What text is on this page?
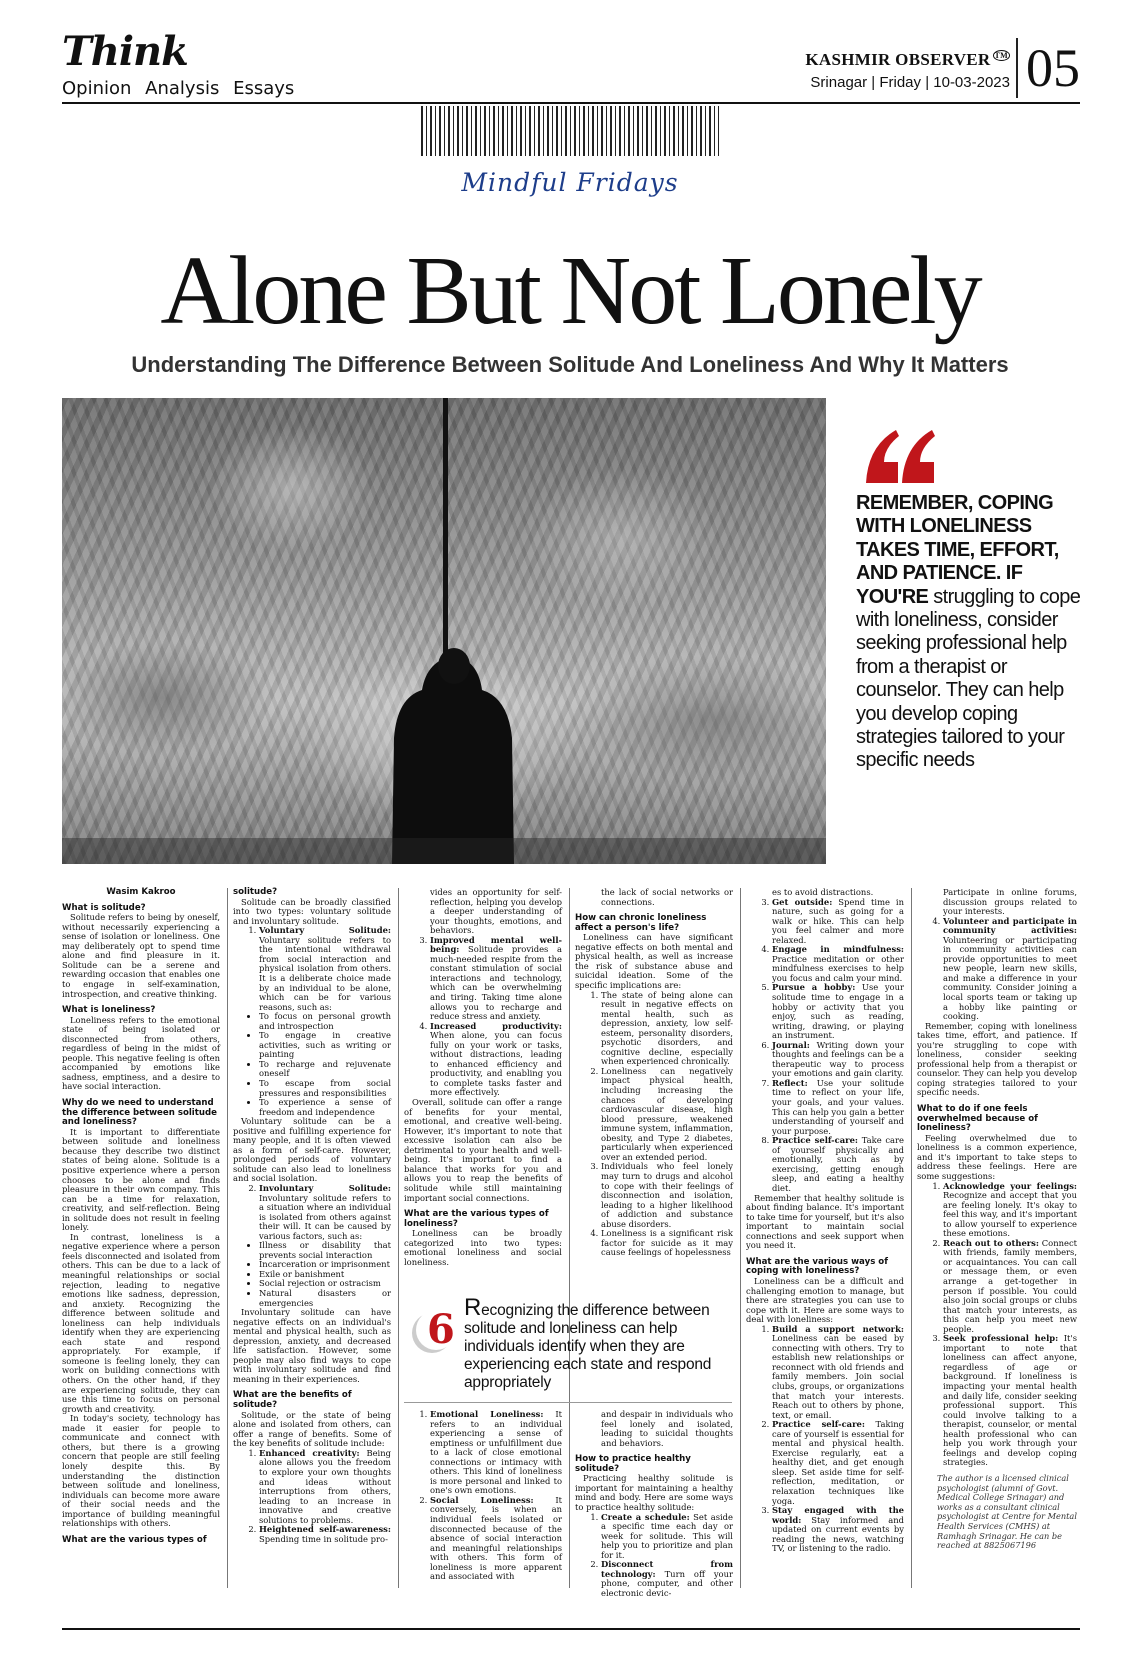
Think
Opinion Analysis Essays
KASHMIR OBSERVER ™
Srinagar | Friday | 10-03-2023 05
Mindful Fridays
Alone But Not Lonely
Understanding The Difference Between Solitude And Loneliness And Why It Matters
REMEMBER, COPING WITH LONELINESS TAKES TIME, EFFORT, AND PATIENCE. IF YOU'RE struggling to cope with loneliness, consider seeking professional help from a therapist or counselor. They can help you develop coping strategies tailored to your specific needs
Wasim Kakroo
What is solitude?

Solitude refers to being by oneself, without necessarily experiencing a sense of isolation or loneliness. One may deliberately opt to spend time alone and find pleasure in it. Solitude can be a serene and rewarding occasion that enables one to engage in self-examination, introspection, and creative thinking.

What is loneliness?

Loneliness refers to the emotional state of being isolated or disconnected from others, regardless of being in the midst of people. This negative feeling is often accompanied by emotions like sadness, emptiness, and a desire to have social interaction.

Why do we need to understand the difference between solitude and loneliness?

It is important to differentiate between solitude and loneliness because they describe two distinct states of being alone. Solitude is a positive experience where a person chooses to be alone and finds pleasure in their own company. This can be a time for relaxation, creativity, and self-reflection. Being in solitude does not result in feeling lonely.

In contrast, loneliness is a negative experience where a person feels disconnected and isolated from others. This can be due to a lack of meaningful relationships or social rejection, leading to negative emotions like sadness, depression, and anxiety. Recognizing the difference between solitude and loneliness can help individuals identify when they are experiencing each state and respond appropriately. For example, if someone is feeling lonely, they can work on building connections with others. On the other hand, if they are experiencing solitude, they can use this time to focus on personal growth and creativity.

In today's society, technology has made it easier for people to communicate and connect with others, but there is a growing concern that people are still feeling lonely despite this. By understanding the distinction between solitude and loneliness, individuals can become more aware of their social needs and the importance of building meaningful relationships with others.

What are the various types of
solitude?

Solitude can be broadly classified into two types: voluntary solitude and involuntary solitude.

1. Voluntary Solitude: Voluntary solitude refers to the intentional withdrawal from social interaction and physical isolation from others. It is a deliberate choice made by an individual to be alone, which can be for various reasons, such as:
• To focus on personal growth and introspection
• To engage in creative activities, such as writing or painting
• To recharge and rejuvenate oneself
• To escape from social pressures and responsibilities
• To experience a sense of freedom and independence

Voluntary solitude can be a positive and fulfilling experience for many people, and it is often viewed as a form of self-care. However, prolonged periods of voluntary solitude can also lead to loneliness and social isolation.

2. Involuntary Solitude: Involuntary solitude refers to a situation where an individual is isolated from others against their will. It can be caused by various factors, such as:
• Illness or disability that prevents social interaction
• Incarceration or imprisonment
• Exile or banishment
• Social rejection or ostracism
• Natural disasters or emergencies

Involuntary solitude can have negative effects on an individual's mental and physical health, such as depression, anxiety, and decreased life satisfaction. However, some people may also find ways to cope with involuntary solitude and find meaning in their experiences.

What are the benefits of solitude?

Solitude, or the state of being alone and isolated from others, can offer a range of benefits. Some of the key benefits of solitude include:

1. Enhanced creativity: Being alone allows you the freedom to explore your own thoughts and ideas without interruptions from others, leading to an increase in innovative and creative solutions to problems.
2. Heightened self-awareness: Spending time in solitude pro-

vides an opportunity for self-reflection, helping you develop a deeper understanding of your thoughts, emotions, and behaviors.

3. Improved mental well-being: Solitude provides a much-needed respite from the constant stimulation of social interactions and technology, which can be overwhelming and tiring. Taking time alone allows you to recharge and reduce stress and anxiety.
4. Increased productivity: When alone, you can focus fully on your work or tasks, without distractions, leading to enhanced efficiency and productivity, and enabling you to complete tasks faster and more effectively.

Overall, solitude can offer a range of benefits for your mental, emotional, and creative well-being. However, it's important to note that excessive isolation can also be detrimental to your health and well-being. It's important to find a balance that works for you and allows you to reap the benefits of solitude while still maintaining important social connections.

What are the various types of loneliness?

Loneliness can be broadly categorized into two types: emotional loneliness and social loneliness.

1. Emotional Loneliness: It refers to an individual experiencing a sense of emptiness or unfulfillment due to a lack of close emotional connections or intimacy with others. This kind of loneliness is more personal and linked to one's own emotions.
2. Social Loneliness: It conversely, is when an individual feels isolated or disconnected because of the absence of social interaction and meaningful relationships with others. This form of loneliness is more apparent and associated with

the lack of social networks or connections.

How can chronic loneliness affect a person's life?

Loneliness can have significant negative effects on both mental and physical health, as well as increase the risk of substance abuse and suicidal ideation. Some of the specific implications are:

1. The state of being alone can result in negative effects on mental health, such as depression, anxiety, low self-esteem, personality disorders, psychotic disorders, and cognitive decline, especially when experienced chronically.
2. Loneliness can negatively impact physical health, including increasing the chances of developing cardiovascular disease, high blood pressure, weakened immune system, inflammation, obesity, and Type 2 diabetes, particularly when experienced over an extended period.
3. Individuals who feel lonely may turn to drugs and alcohol to cope with their feelings of disconnection and isolation, leading to a higher likelihood of addiction and substance abuse disorders.
4. Loneliness is a significant risk factor for suicide as it may cause feelings of hopelessness

and despair in individuals who feel lonely and isolated, leading to suicidal thoughts and behaviors.

How to practice healthy solitude?

Practicing healthy solitude is important for maintaining a healthy mind and body. Here are some ways to practice healthy solitude:

1. Create a schedule: Set aside a specific time each day or week for solitude. This will help you to prioritize and plan for it.
2. Disconnect from technology: Turn off your phone, computer, and other electronic devic-
6 Recognizing the difference between solitude and loneliness can help individuals identify when they are experiencing each state and respond appropriately

es to avoid distractions.

3. Get outside: Spend time in nature, such as going for a walk or hike. This can help you feel calmer and more relaxed.
4. Engage in mindfulness: Practice meditation or other mindfulness exercises to help you focus and calm your mind.
5. Pursue a hobby: Use your solitude time to engage in a hobby or activity that you enjoy, such as reading, writing, drawing, or playing an instrument.
6. Journal: Writing down your thoughts and feelings can be a therapeutic way to process your emotions and gain clarity.
7. Reflect: Use your solitude time to reflect on your life, your goals, and your values. This can help you gain a better understanding of yourself and your purpose.
8. Practice self-care: Take care of yourself physically and emotionally, such as by exercising, getting enough sleep, and eating a healthy diet.

Remember that healthy solitude is about finding balance. It's important to take time for yourself, but it's also important to maintain social connections and seek support when you need it.

What are the various ways of coping with loneliness?

Loneliness can be a difficult and challenging emotion to manage, but there are strategies you can use to cope with it. Here are some ways to deal with loneliness:

1. Build a support network: Loneliness can be eased by connecting with others. Try to establish new relationships or reconnect with old friends and family members. Join social clubs, groups, or organizations that match your interests. Reach out to others by phone, text, or email.
2. Practice self-care: Taking care of yourself is essential for mental and physical health. Exercise regularly, eat a healthy diet, and get enough sleep. Set aside time for self-reflection, meditation, or relaxation techniques like yoga.
3. Stay engaged with the world: Stay informed and updated on current events by reading the news, watching TV, or listening to the radio.

Participate in online forums, discussion groups related to your interests.

4. Volunteer and participate in community activities: Volunteering or participating in community activities can provide opportunities to meet new people, learn new skills, and make a difference in your community. Consider joining a local sports team or taking up a hobby like painting or cooking.

Remember, coping with loneliness takes time, effort, and patience. If you're struggling to cope with loneliness, consider seeking professional help from a therapist or counselor. They can help you develop coping strategies tailored to your specific needs.

What to do if one feels overwhelmed because of loneliness?

Feeling overwhelmed due to loneliness is a common experience, and it's important to take steps to address these feelings. Here are some suggestions:

1. Acknowledge your feelings: Recognize and accept that you are feeling lonely. It's okay to feel this way, and it's important to allow yourself to experience these emotions.
2. Reach out to others: Connect with friends, family members, or acquaintances. You can call or message them, or even arrange a get-together in person if possible. You could also join social groups or clubs that match your interests, as this can help you meet new people.
3. Seek professional help: It's important to note that loneliness can affect anyone, regardless of age or background. If loneliness is impacting your mental health and daily life, consider seeking professional support. This could involve talking to a therapist, counselor, or mental health professional who can help you work through your feelings and develop coping strategies.
The author is a licensed clinical psychologist (alumni of Govt. Medical College Srinagar) and works as a consultant clinical psychologist at Centre for Mental Health Services (CMHS) at Ramhagh Srinagar. He can be reached at 8825067196
